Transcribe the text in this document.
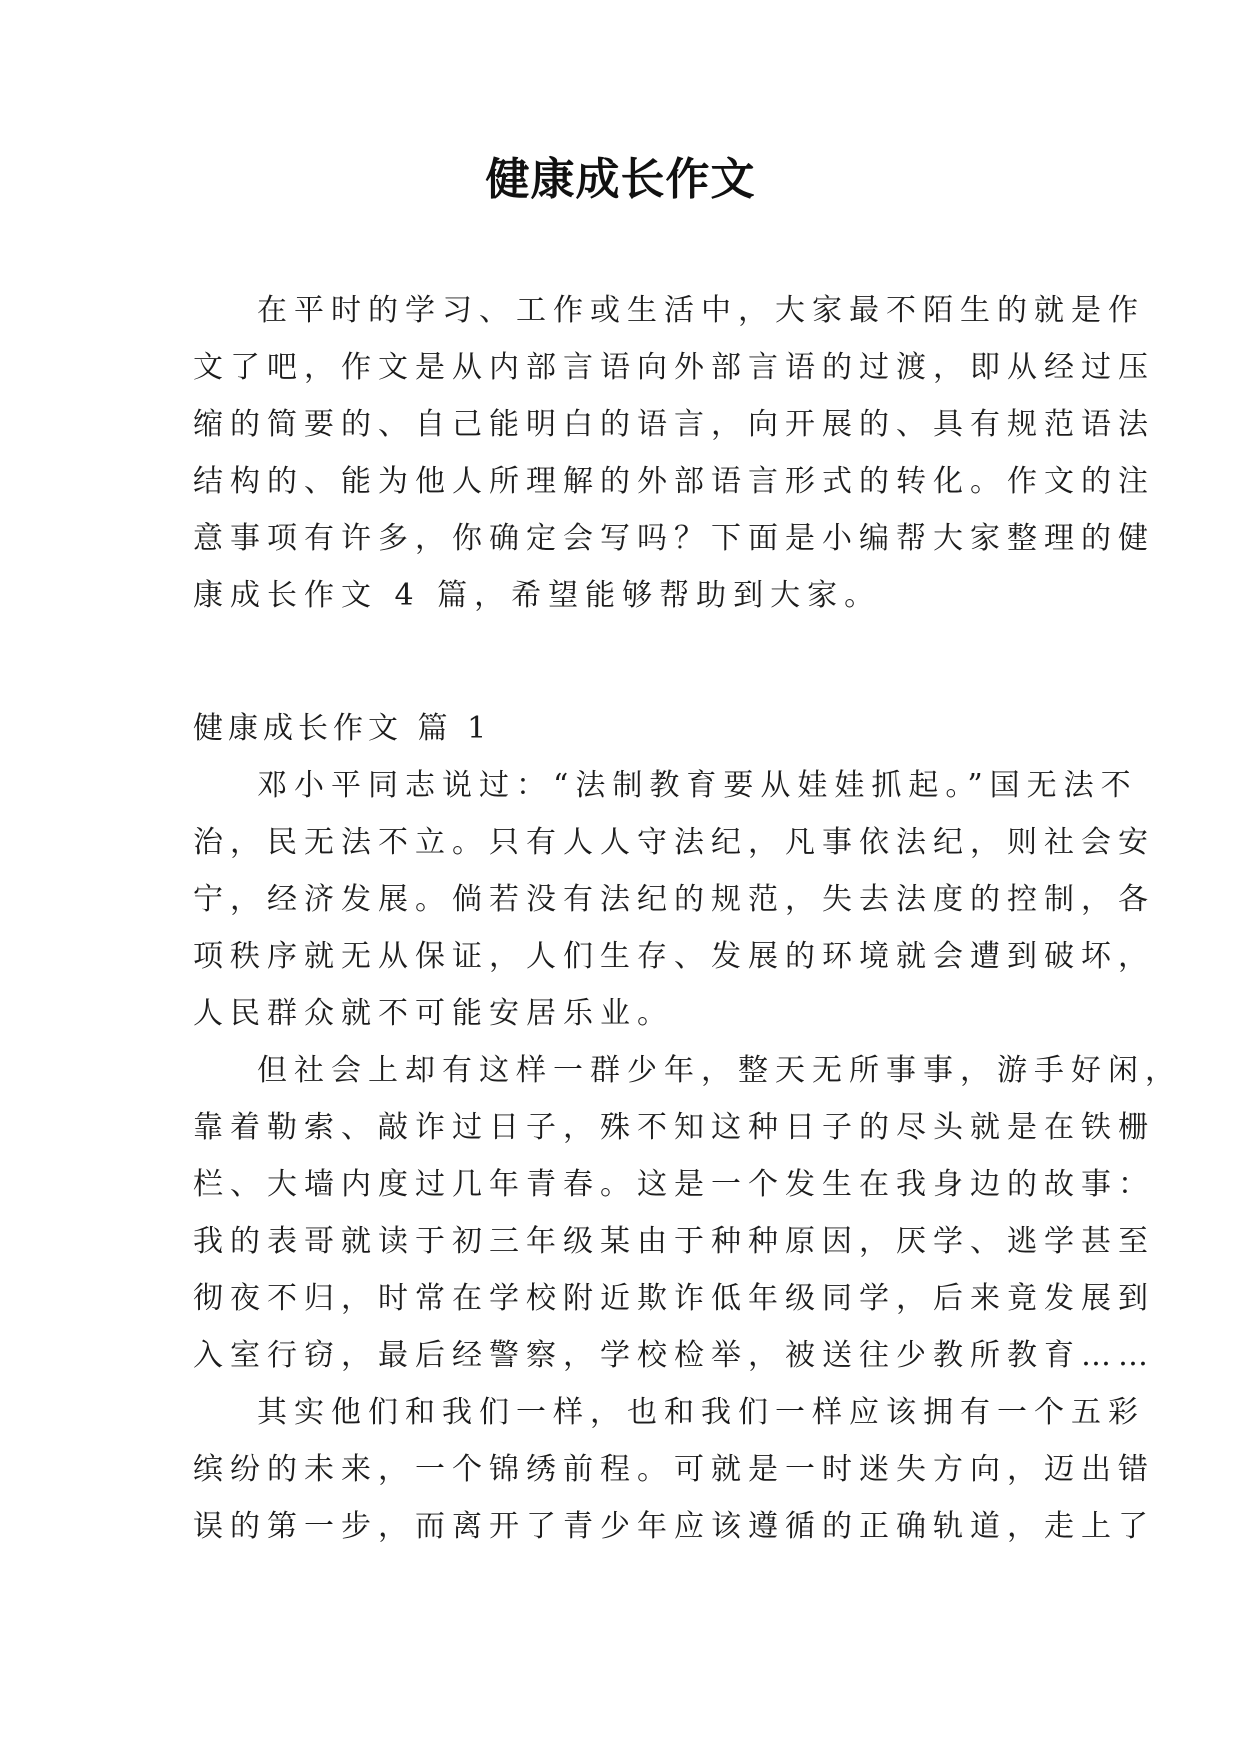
健康成长作文
在平时的学习、工作或生活中，大家最不陌生的就是作
文了吧，作文是从内部言语向外部言语的过渡，即从经过压
缩的简要的、自己能明白的语言，向开展的、具有规范语法
结构的、能为他人所理解的外部语言形式的转化。作文的注
意事项有许多，你确定会写吗？下面是小编帮大家整理的健
康成长作文 4 篇，希望能够帮助到大家。
健康成长作文 篇 1
邓小平同志说过：“法制教育要从娃娃抓起。”国无法不
治，民无法不立。只有人人守法纪，凡事依法纪，则社会安
宁，经济发展。倘若没有法纪的规范，失去法度的控制，各
项秩序就无从保证，人们生存、发展的环境就会遭到破坏，
人民群众就不可能安居乐业。
但社会上却有这样一群少年，整天无所事事，游手好闲，
靠着勒索、敲诈过日子，殊不知这种日子的尽头就是在铁栅
栏、大墙内度过几年青春。这是一个发生在我身边的故事：
我的表哥就读于初三年级某由于种种原因，厌学、逃学甚至
彻夜不归，时常在学校附近欺诈低年级同学，后来竟发展到
入室行窃，最后经警察，学校检举，被送往少教所教育……
其实他们和我们一样，也和我们一样应该拥有一个五彩
缤纷的未来，一个锦绣前程。可就是一时迷失方向，迈出错
误的第一步，而离开了青少年应该遵循的正确轨道，走上了
